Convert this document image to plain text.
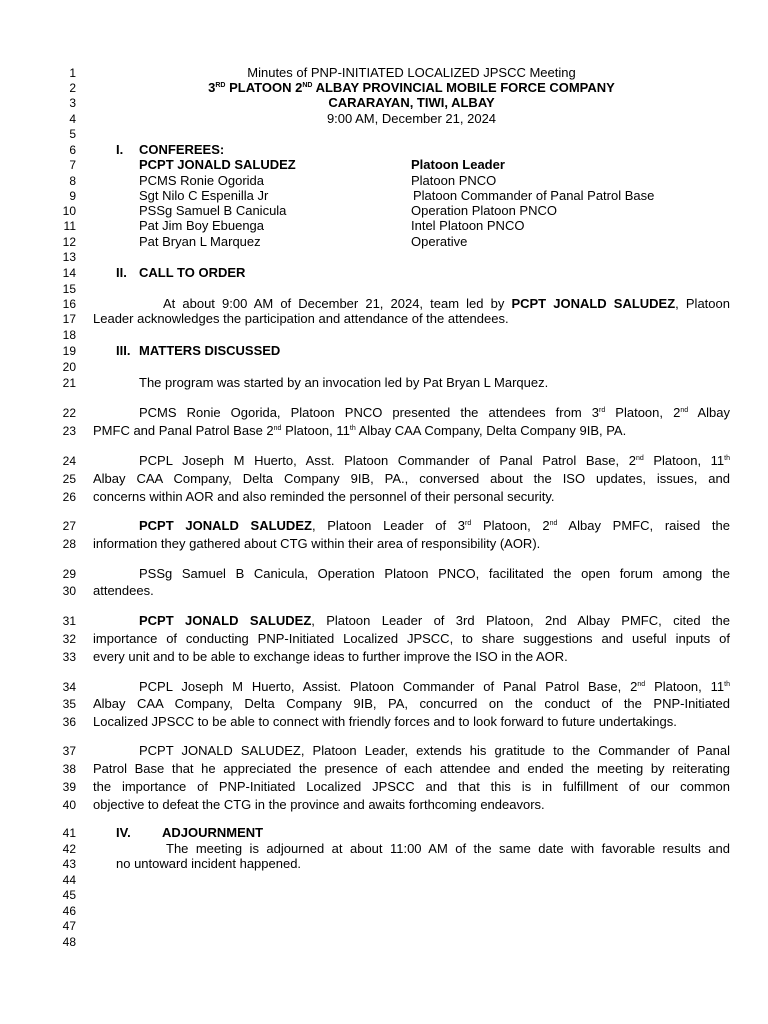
1
2
3
4
5
6
7
8
9
10
11
12
13
14
15
16
17
18
19
20
21
22
23
24
25
26
27
28
29
30
31
32
33
34
35
36
37
38
39
40
41
42
43
44
45
46
47
48
Minutes of PNP-INITIATED LOCALIZED JPSCC Meeting
3RD PLATOON 2ND ALBAY PROVINCIAL MOBILE FORCE COMPANY
CARARAYAN, TIWI, ALBAY
9:00 AM, December 21, 2024
I. CONFEREES:
PCPT JONALD SALUDEZ	Platoon Leader
PCMS Ronie Ogorida	Platoon PNCO
Sgt Nilo C Espenilla Jr	Platoon Commander of Panal Patrol Base
PSSg Samuel B Canicula	Operation Platoon PNCO
Pat Jim Boy Ebuenga	Intel Platoon PNCO
Pat Bryan L Marquez	Operative
II. CALL TO ORDER
At about 9:00 AM of December 21, 2024, team led by PCPT JONALD SALUDEZ, Platoon
Leader acknowledges the participation and attendance of the attendees.
III. MATTERS DISCUSSED
The program was started by an invocation led by Pat Bryan L Marquez.
PCMS Ronie Ogorida, Platoon PNCO presented the attendees from 3rd Platoon, 2nd Albay
PMFC and Panal Patrol Base 2nd Platoon, 11th Albay CAA Company, Delta Company 9IB, PA.
PCPL Joseph M Huerto, Asst. Platoon Commander of Panal Patrol Base, 2nd Platoon, 11th
Albay CAA Company, Delta Company 9IB, PA., conversed about the ISO updates, issues, and
concerns within AOR and also reminded the personnel of their personal security.
PCPT JONALD SALUDEZ, Platoon Leader of 3rd Platoon, 2nd Albay PMFC, raised the
information they gathered about CTG within their area of responsibility (AOR).
PSSg Samuel B Canicula, Operation Platoon PNCO, facilitated the open forum among the
attendees.
PCPT JONALD SALUDEZ, Platoon Leader of 3rd Platoon, 2nd Albay PMFC, cited the
importance of conducting PNP-Initiated Localized JPSCC, to share suggestions and useful inputs of
every unit and to be able to exchange ideas to further improve the ISO in the AOR.
PCPL Joseph M Huerto, Assist. Platoon Commander of Panal Patrol Base, 2nd Platoon, 11th
Albay CAA Company, Delta Company 9IB, PA, concurred on the conduct of the PNP-Initiated
Localized JPSCC to be able to connect with friendly forces and to look forward to future undertakings.
PCPT JONALD SALUDEZ, Platoon Leader, extends his gratitude to the Commander of Panal
Patrol Base that he appreciated the presence of each attendee and ended the meeting by reiterating
the importance of PNP-Initiated Localized JPSCC and that this is in fulfillment of our common
objective to defeat the CTG in the province and awaits forthcoming endeavors.
IV. ADJOURNMENT
The meeting is adjourned at about 11:00 AM of the same date with favorable results and
no untoward incident happened.
